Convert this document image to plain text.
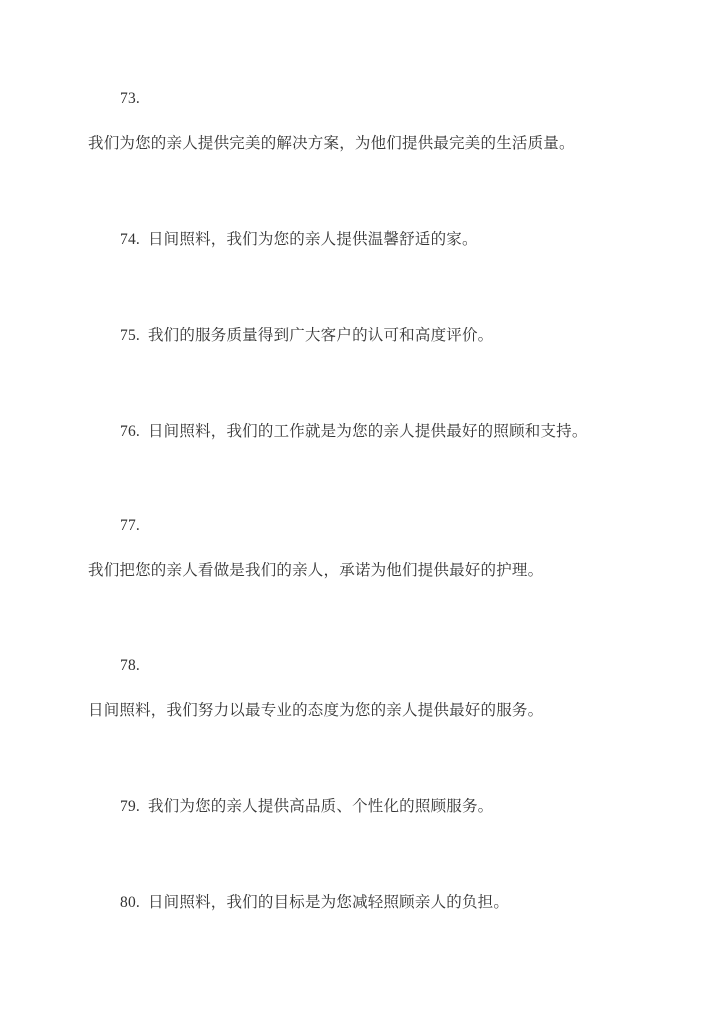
73.
我们为您的亲人提供完美的解决方案，为他们提供最完美的生活质量。
74. 日间照料，我们为您的亲人提供温馨舒适的家。
75. 我们的服务质量得到广大客户的认可和高度评价。
76. 日间照料，我们的工作就是为您的亲人提供最好的照顾和支持。
77.
我们把您的亲人看做是我们的亲人，承诺为他们提供最好的护理。
78.
日间照料，我们努力以最专业的态度为您的亲人提供最好的服务。
79. 我们为您的亲人提供高品质、个性化的照顾服务。
80. 日间照料，我们的目标是为您减轻照顾亲人的负担。
